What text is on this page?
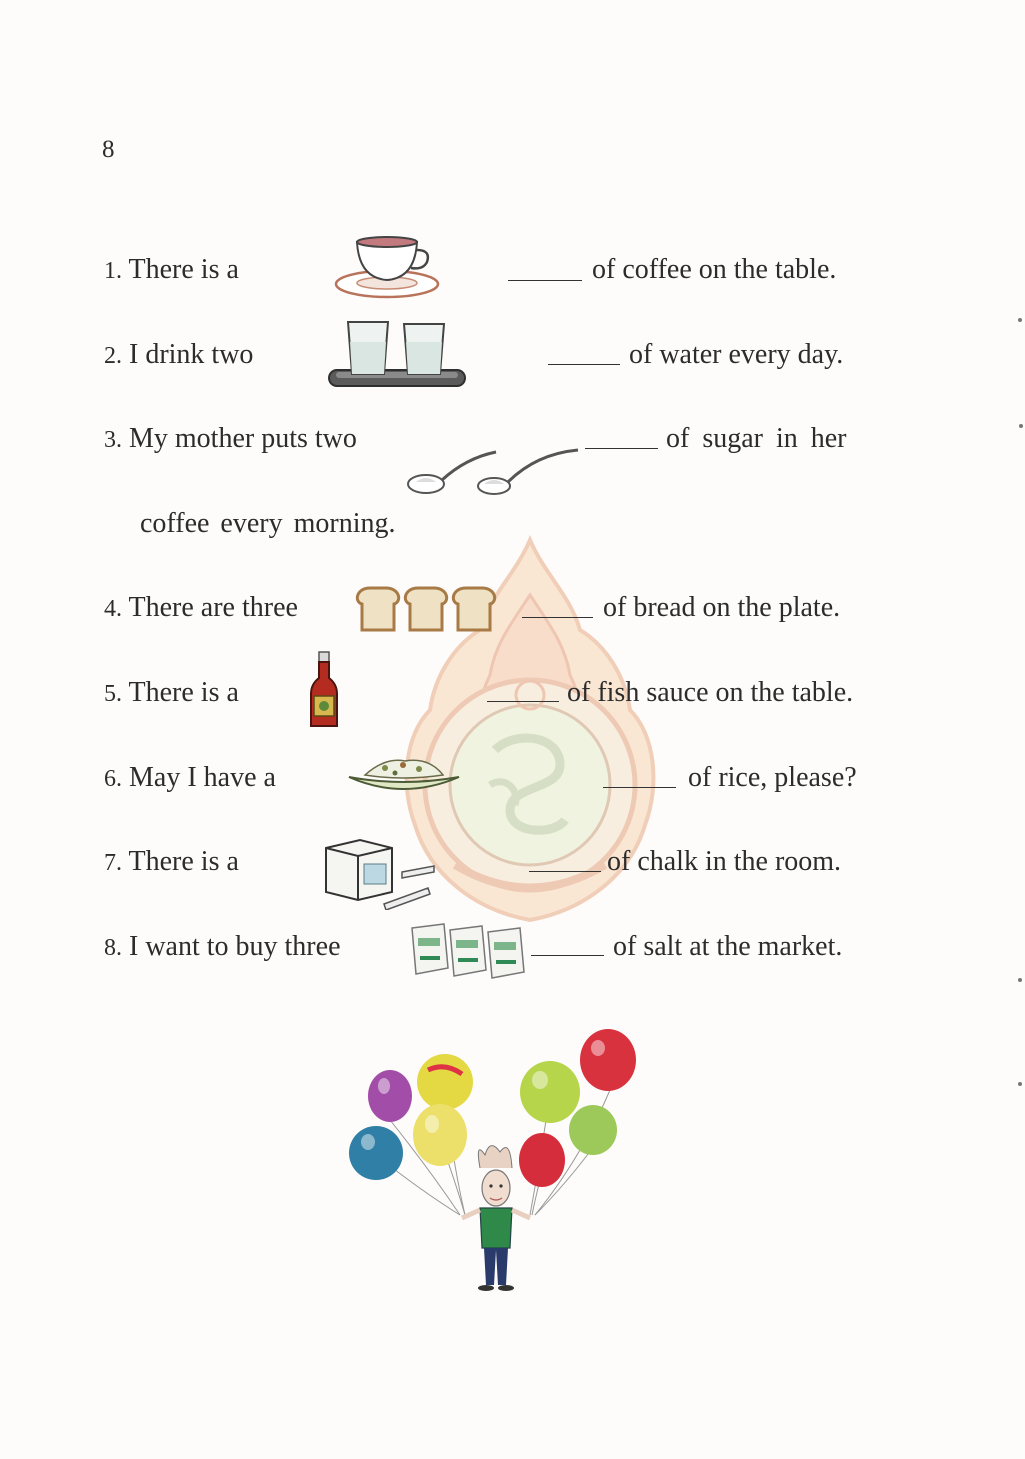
8
1. There is a	of coffee on the table.
2. I drink two	of water every day.
3. My mother puts two	of sugar in her
coffee every morning.
4. There are three	of bread on the plate.
5. There is a	of fish sauce on the table.
6. May I have a	of rice, please?
7. There is a	of chalk in the room.
8. I want to buy three	of salt at the market.
